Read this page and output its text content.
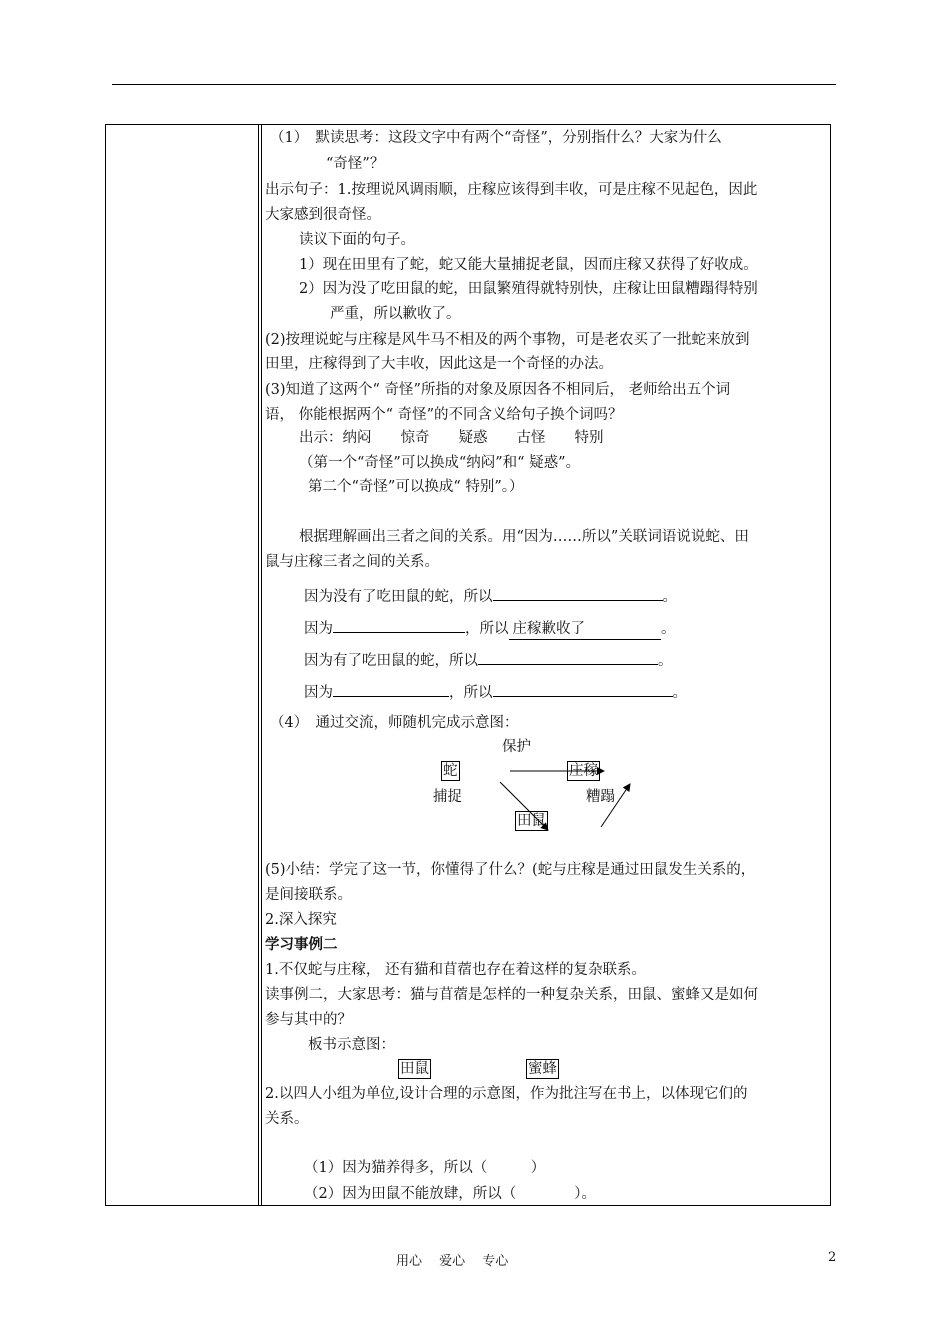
（1）　默读思考：这段文字中有两个“奇怪”，分别指什么？大家为什么
“奇怪”？
出示句子：1.按理说风调雨顺，庄稼应该得到丰收，可是庄稼不见起色，因此
大家感到很奇怪。
读议下面的句子。
1）现在田里有了蛇，蛇又能大量捕捉老鼠，因而庄稼又获得了好收成。
2）因为没了吃田鼠的蛇，田鼠繁殖得就特别快，庄稼让田鼠糟蹋得特别
严重，所以歉收了。
(2)按理说蛇与庄稼是风牛马不相及的两个事物，可是老农买了一批蛇来放到
田里，庄稼得到了大丰收，因此这是一个奇怪的办法。
(3)知道了这两个“ 奇怪”所指的对象及原因各不相同后， 老师给出五个词
语， 你能根据两个“ 奇怪”的不同含义给句子换个词吗？
出示：纳闷　　惊奇　　疑惑　　古怪　　特别
（第一个“奇怪”可以换成“纳闷”和“ 疑惑”。
第二个“奇怪”可以换成“ 特别”。）
根据理解画出三者之间的关系。用“因为……所以”关联词语说说蛇、田
鼠与庄稼三者之间的关系。
因为没有了吃田鼠的蛇，所以	。
因为	，所以 庄稼歉收了	。
因为有了吃田鼠的蛇，所以	。
因为	，所以	。
（4）　通过交流，师随机完成示意图：
保护
蛇	庄稼
捕捉	糟蹋
田鼠
(5)小结：学完了这一节，你懂得了什么？(蛇与庄稼是通过田鼠发生关系的，
是间接联系。
2.深入探究
学习事例二
1.不仅蛇与庄稼， 还有猫和苜蓿也存在着这样的复杂联系。
读事例二，大家思考：猫与苜蓿是怎样的一种复杂关系，田鼠、蜜蜂又是如何
参与其中的？
板书示意图：
田鼠	蜜蜂
2.以四人小组为单位,设计合理的示意图，作为批注写在书上，以体现它们的
关系。
（1）因为猫养得多，所以（　　　）
（2）因为田鼠不能放肆，所以（　　　　）。
用心　 爱心　 专心	2
